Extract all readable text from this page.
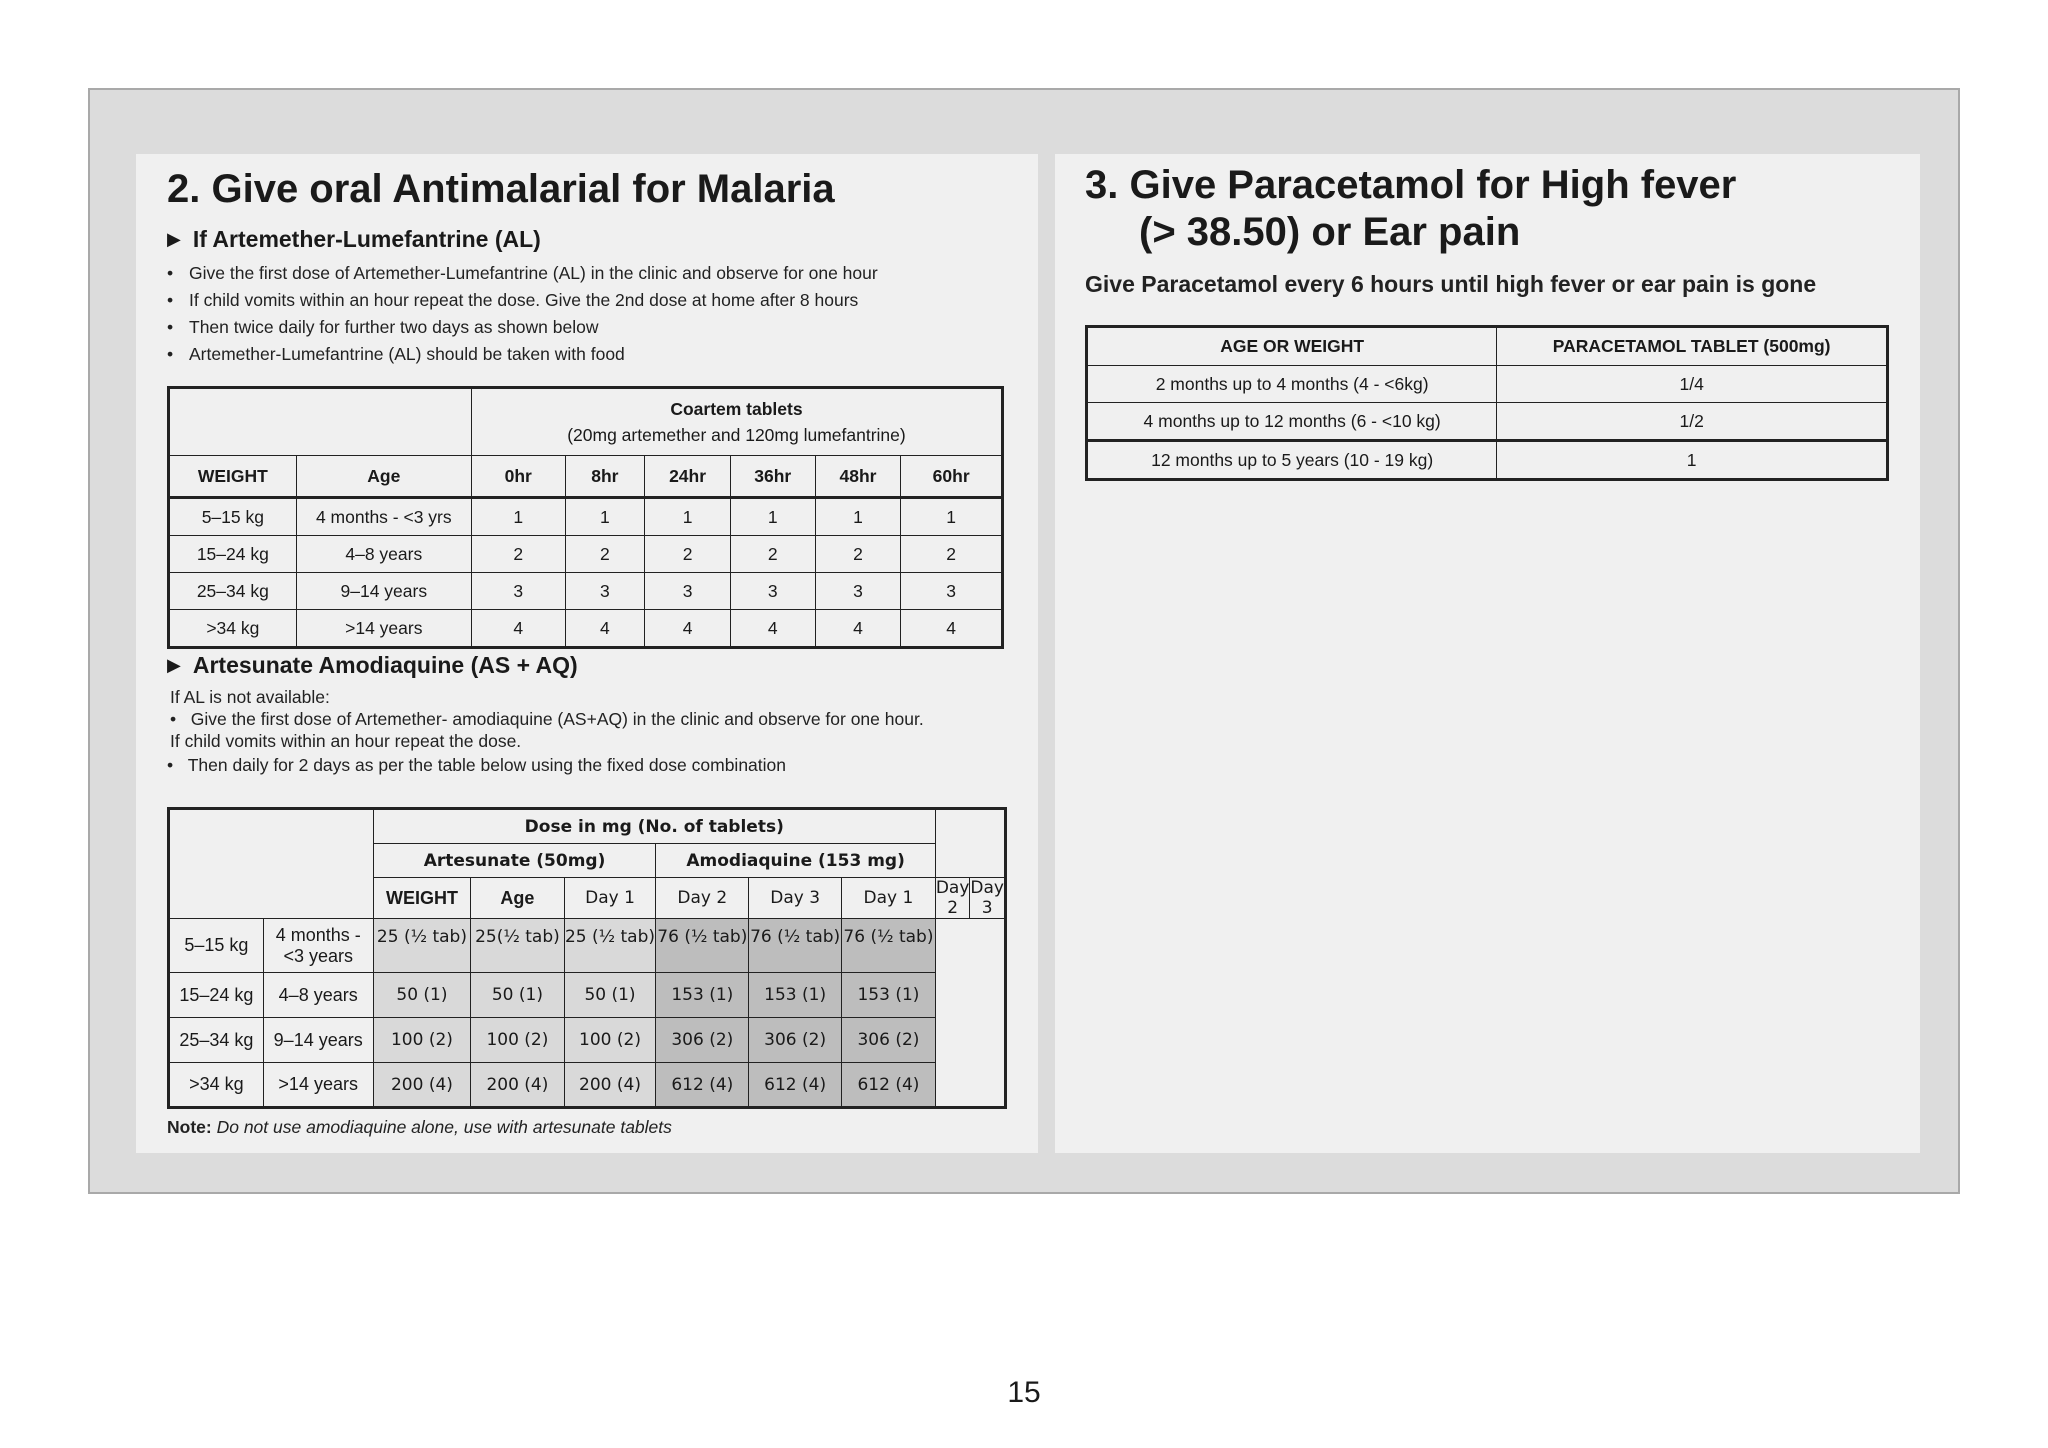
2. Give oral Antimalarial for Malaria
▶ If Artemether-Lumefantrine (AL)
• Give the first dose of Artemether-Lumefantrine (AL) in the clinic and observe for one hour
• If child vomits within an hour repeat the dose. Give the 2nd dose at home after 8 hours
• Then twice daily for further two days as shown below
• Artemether-Lumefantrine (AL) should be taken with food

		Coartem tablets
(20mg artemether and 120mg lumefantrine)					

WEIGHT	Age	0hr	8hr	24hr	36hr	48hr	60hr
5–15 kg	4 months - <3 yrs	1	1	1	1	1	1
15–24 kg	4–8 years	2	2	2	2	2	2
25–34 kg	9–14 years	3	3	3	3	3	3
>34 kg	>14 years	4	4	4	4	4	4
▶ Artesunate Amodiaquine (AS + AQ)
If AL is not available:
•   Give the first dose of Artemether- amodiaquine (AS+AQ) in the clinic and observe for one hour.
If child vomits within an hour repeat the dose.
•   Then daily for 2 days as per the table below using the fixed dose combination
		Dose in mg (No. of tablets)							
		Artesunate (50mg)			Amodiaquine (153 mg)				
		WEIGHT	Age	Day 1	Day 2	Day 3	Day 1	Day 2	Day 3
5–15 kg	4 months -
<3 years	25 (½ tab)	25(½ tab)	25 (½ tab)	76 (½ tab)	76 (½ tab)	76 (½ tab)		
15–24 kg	4–8 years	50 (1)	50 (1)	50 (1)	153 (1)	153 (1)	153 (1)		
25–34 kg	9–14 years	100 (2)	100 (2)	100 (2)	306 (2)	306 (2)	306 (2)		
>34 kg	>14 years	200 (4)	200 (4)	200 (4)	612 (4)	612 (4)	612 (4)		
Note: Do not use amodiaquine alone, use with artesunate tablets
3. Give Paracetamol for High fever
(> 38.50) or Ear pain
Give Paracetamol every 6 hours until high fever or ear pain is gone
AGE OR WEIGHT	PARACETAMOL TABLET (500mg)
2 months up to 4 months (4 - <6kg)	1/4
4 months up to 12 months (6 - <10 kg)	1/2
12 months up to 5 years (10 - 19 kg)	1
15
